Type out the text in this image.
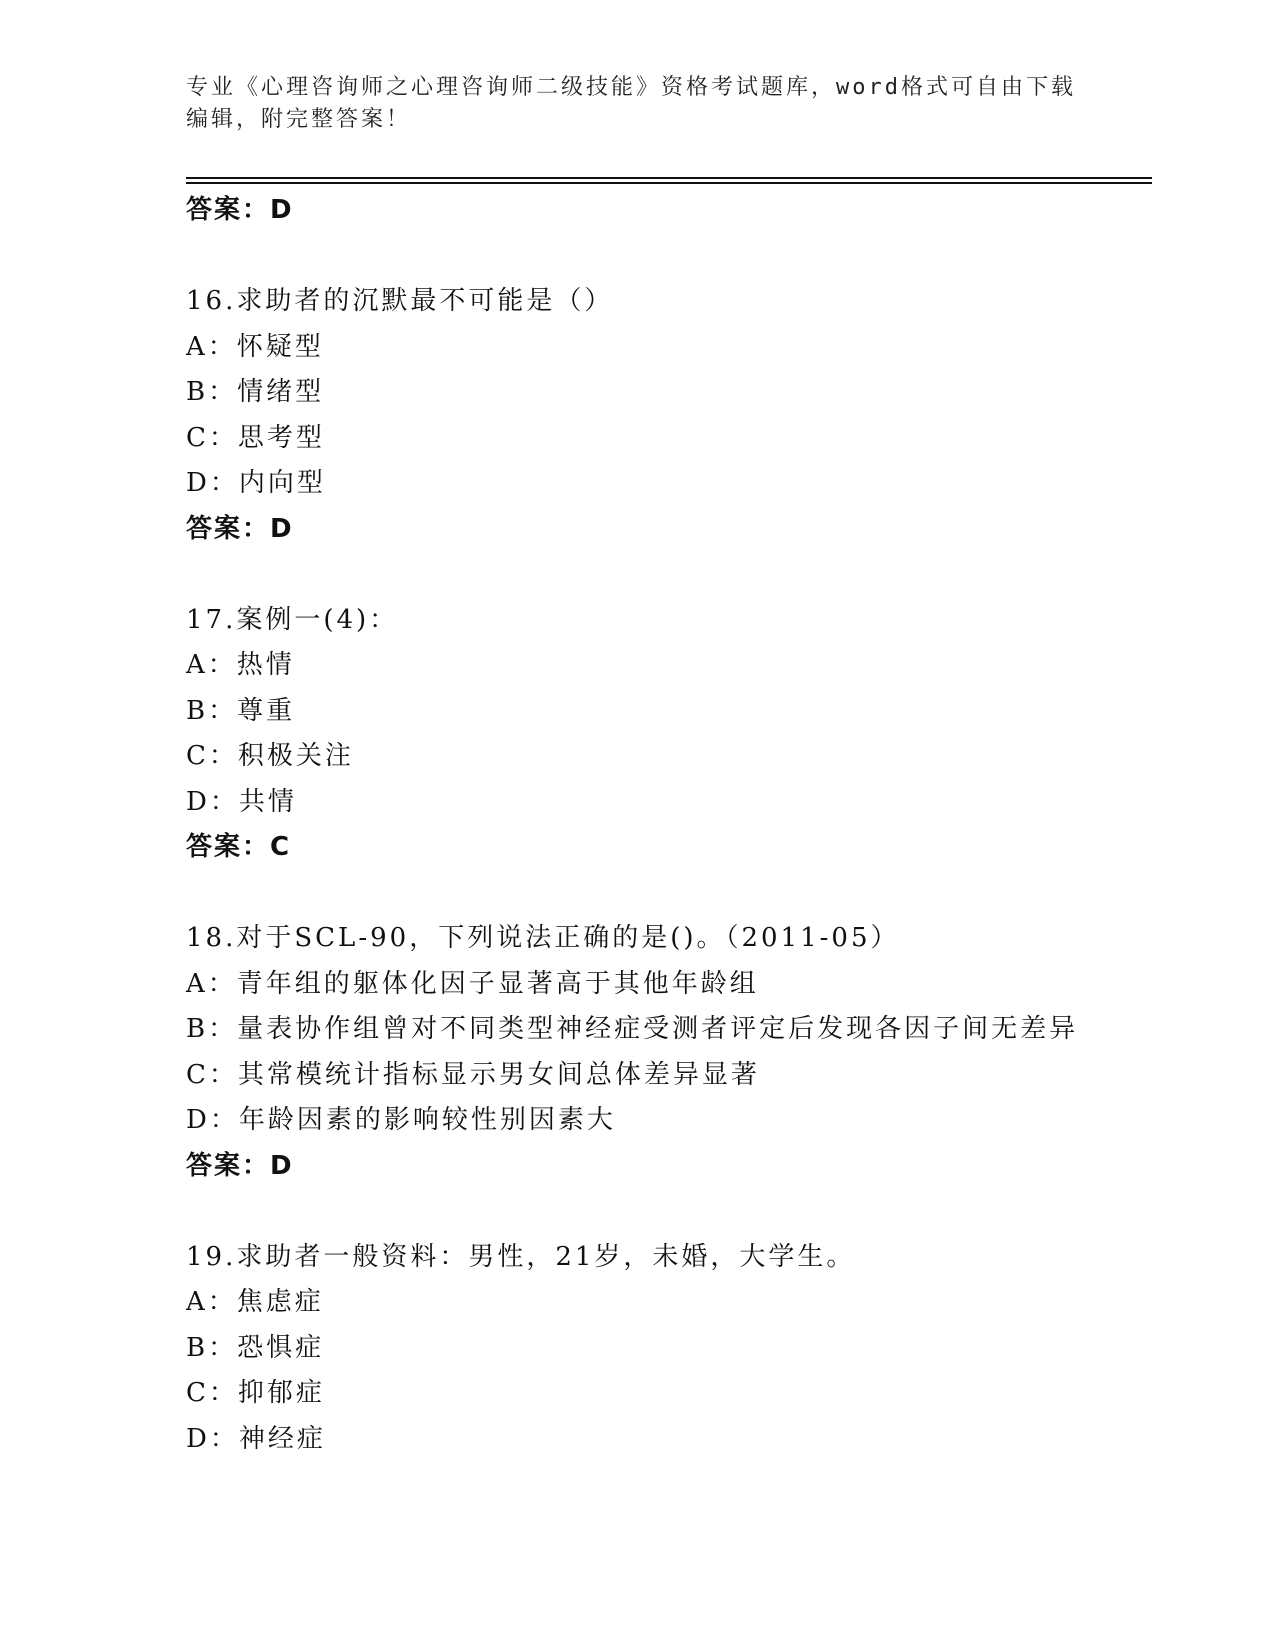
专业《心理咨询师之心理咨询师二级技能》资格考试题库，word格式可自由下载
编辑，附完整答案！
答案：D
16.求助者的沉默最不可能是（）
A：怀疑型
B：情绪型
C：思考型
D：内向型
答案：D
17.案例一(4)：
A：热情
B：尊重
C：积极关注
D：共情
答案：C
18.对于SCL-90，下列说法正确的是()。（2011-05）
A：青年组的躯体化因子显著高于其他年龄组
B：量表协作组曾对不同类型神经症受测者评定后发现各因子间无差异
C：其常模统计指标显示男女间总体差异显著
D：年龄因素的影响较性别因素大
答案：D
19.求助者一般资料：男性，21岁，未婚，大学生。
A：焦虑症
B：恐惧症
C：抑郁症
D：神经症
